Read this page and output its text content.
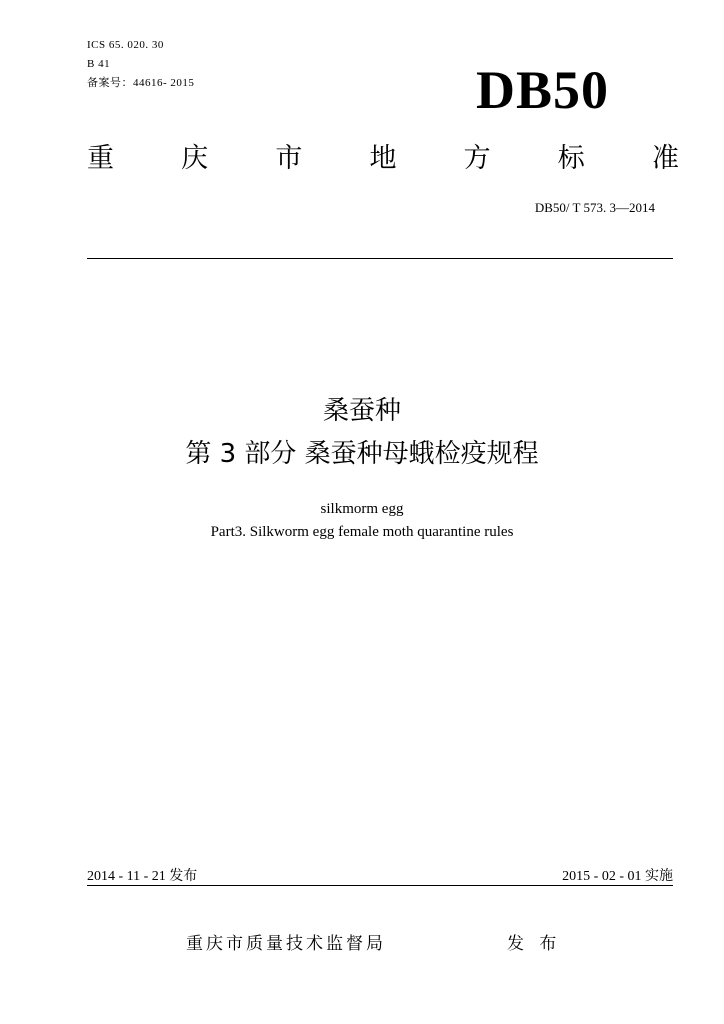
ICS 65. 020. 30
B 41
备案号：44616- 2015	DB50
重 庆 市 地 方 标 准
DB50/ T 573. 3—2014
桑蚕种
第 3 部分 桑蚕种母蛾检疫规程
silkmorm egg
Part3. Silkworm egg female moth quarantine rules
2014 - 11 - 21 发布	2015 - 02 - 01 实施
重庆市质量技术监督局	发 布
